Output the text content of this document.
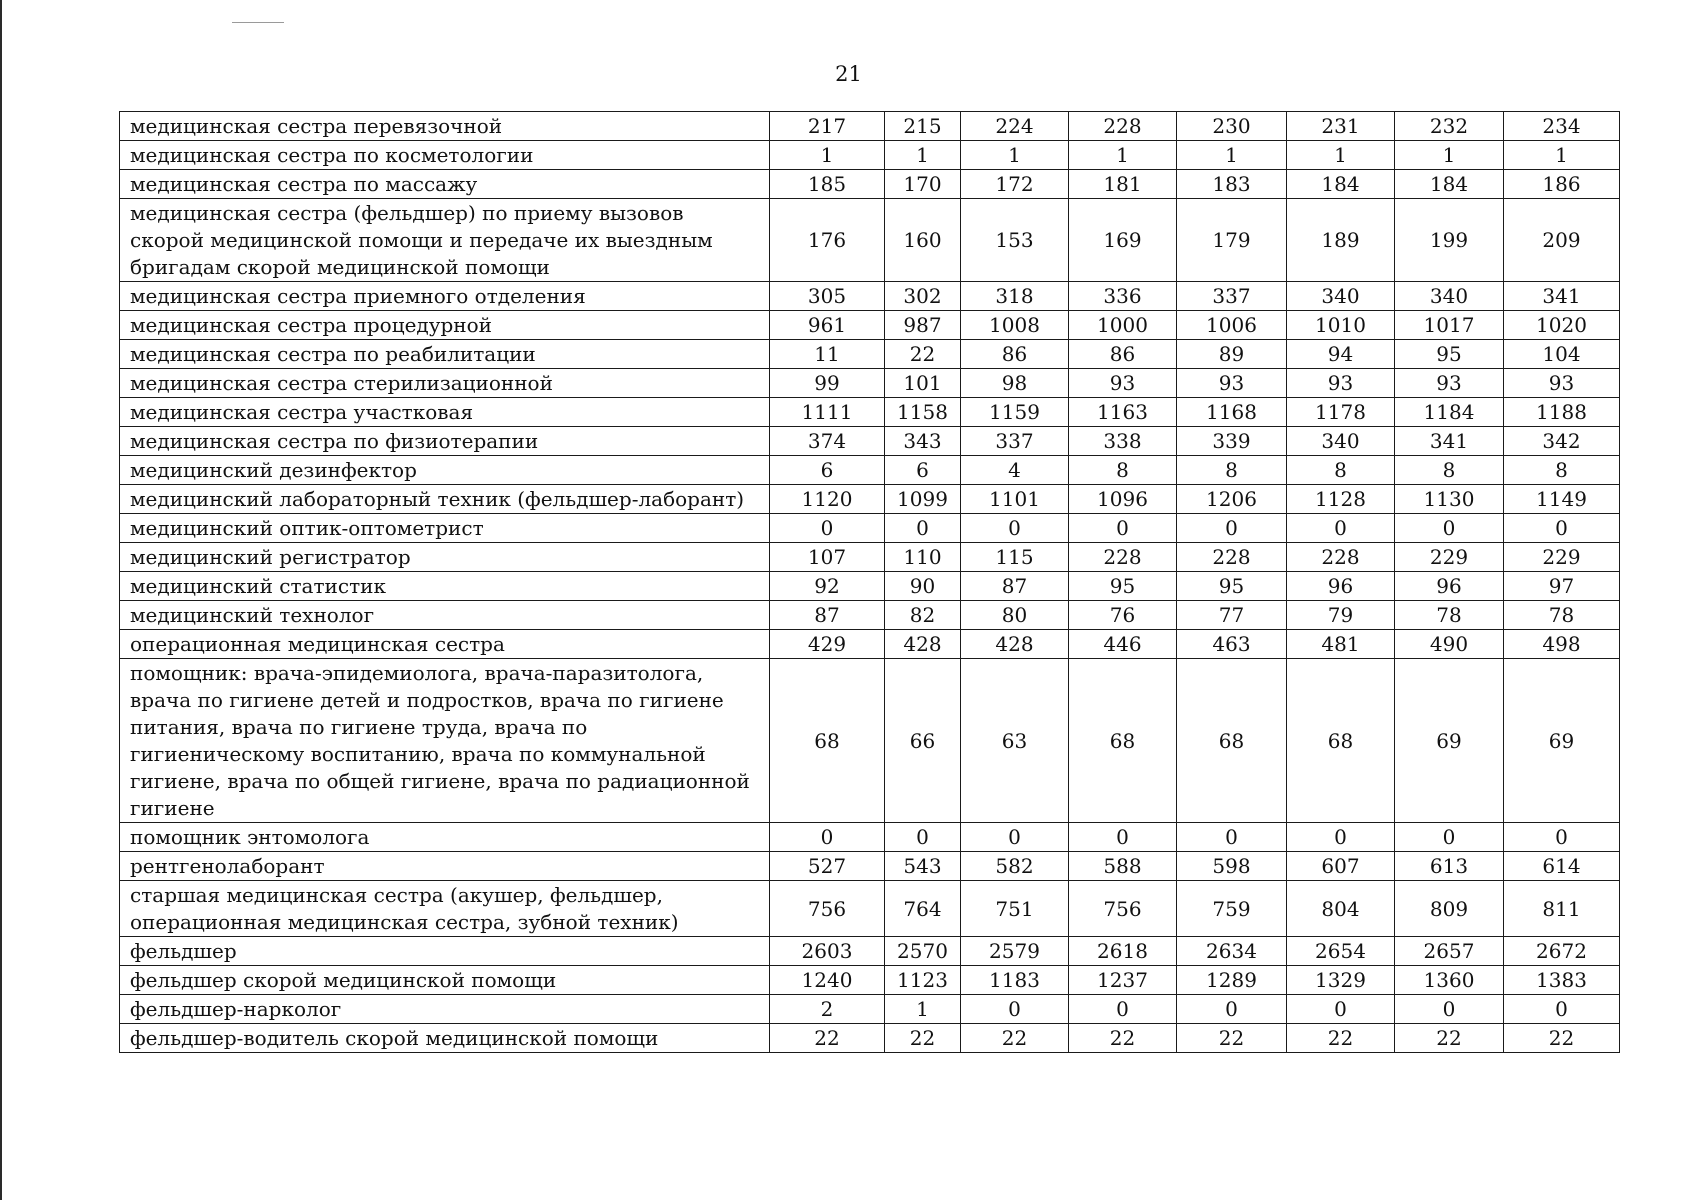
21
медицинская сестра перевязочной	217	215	224	228	230	231	232	234
медицинская сестра по косметологии	1	1	1	1	1	1	1	1
медицинская сестра по массажу	185	170	172	181	183	184	184	186
медицинская сестра (фельдшер) по приему вызовов скорой медицинской помощи и передаче их выездным бригадам скорой медицинской помощи	176	160	153	169	179	189	199	209
медицинская сестра приемного отделения	305	302	318	336	337	340	340	341
медицинская сестра процедурной	961	987	1008	1000	1006	1010	1017	1020
медицинская сестра по реабилитации	11	22	86	86	89	94	95	104
медицинская сестра стерилизационной	99	101	98	93	93	93	93	93
медицинская сестра участковая	1111	1158	1159	1163	1168	1178	1184	1188
медицинская сестра по физиотерапии	374	343	337	338	339	340	341	342
медицинский дезинфектор	6	6	4	8	8	8	8	8
медицинский лабораторный техник (фельдшер-лаборант)	1120	1099	1101	1096	1206	1128	1130	1149
медицинский оптик-оптометрист	0	0	0	0	0	0	0	0
медицинский регистратор	107	110	115	228	228	228	229	229
медицинский статистик	92	90	87	95	95	96	96	97
медицинский технолог	87	82	80	76	77	79	78	78
операционная медицинская сестра	429	428	428	446	463	481	490	498
помощник: врача-эпидемиолога, врача-паразитолога, врача по гигиене детей и подростков, врача по гигиене питания, врача по гигиене труда, врача по гигиеническому воспитанию, врача по коммунальной гигиене, врача по общей гигиене, врача по радиационной гигиене	68	66	63	68	68	68	69	69
помощник энтомолога	0	0	0	0	0	0	0	0
рентгенолаборант	527	543	582	588	598	607	613	614
старшая медицинская сестра (акушер, фельдшер, операционная медицинская сестра, зубной техник)	756	764	751	756	759	804	809	811
фельдшер	2603	2570	2579	2618	2634	2654	2657	2672
фельдшер скорой медицинской помощи	1240	1123	1183	1237	1289	1329	1360	1383
фельдшер-нарколог	2	1	0	0	0	0	0	0
фельдшер-водитель скорой медицинской помощи	22	22	22	22	22	22	22	22
